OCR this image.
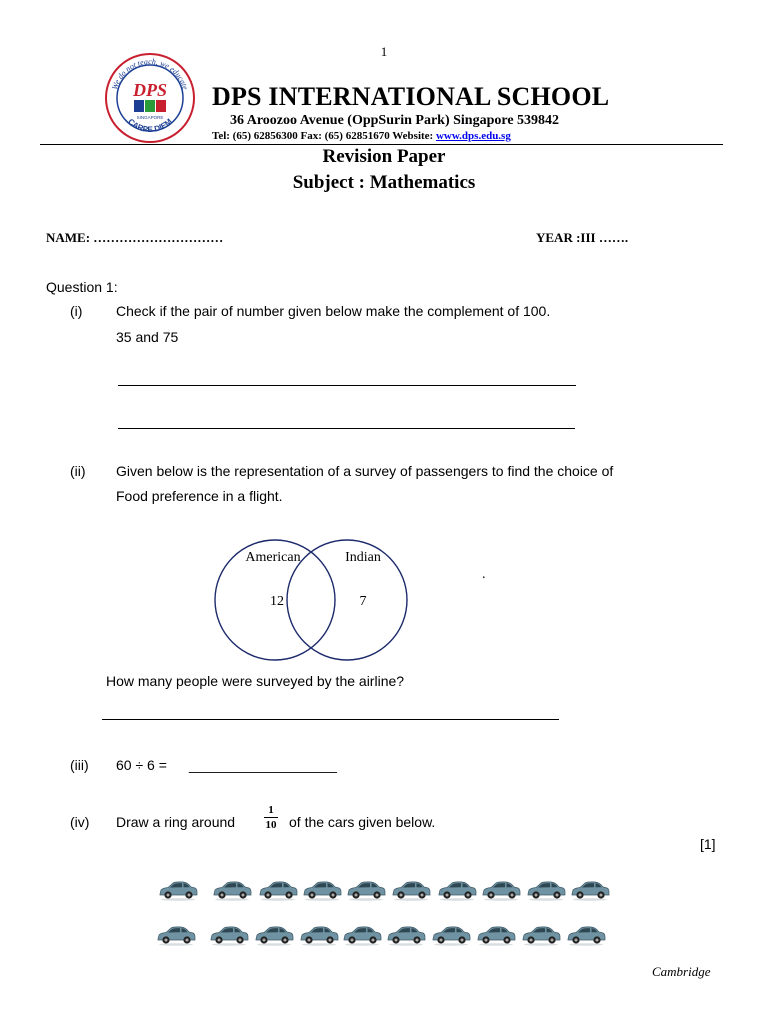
1
We do not teach, we educate
CARPE DIEM
DPS
SINGAPORE
DPS INTERNATIONAL SCHOOL
36 Aroozoo Avenue (OppSurin Park) Singapore 539842
Tel: (65) 62856300 Fax: (65) 62851670 Website: www.dps.edu.sg
Revision Paper
Subject : Mathematics
NAME: …………………………	YEAR :III …….
Question 1:
(i) Check if the pair of number given below make the complement of 100.
35 and 75
(ii) Given below is the representation of a survey of passengers to find the choice of
Food preference in a flight.
American	Indian
12	7
.
How many people were surveyed by the airline?
(iii) 60 ÷ 6 = ___________________
(iv) Draw a ring around
1
10 of the cars given below.
[1]
Cambridge
